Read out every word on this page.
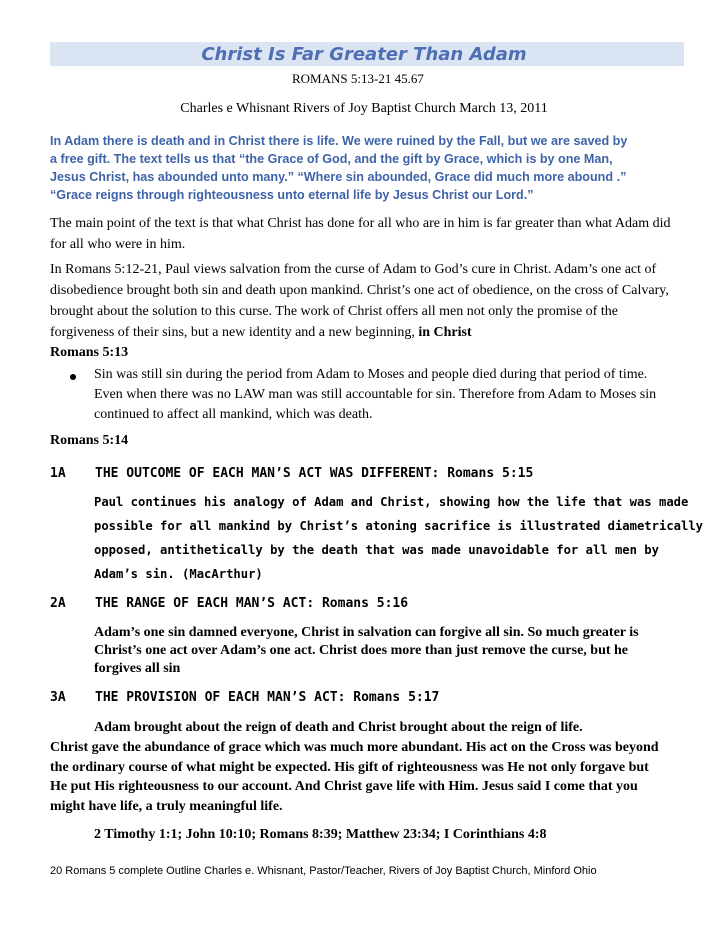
Christ Is Far Greater Than Adam
ROMANS 5:13-21 45.67
Charles e Whisnant Rivers of Joy Baptist Church March 13, 2011
In Adam there is death and in Christ there is life. We were ruined by the Fall, but we are saved by
a free gift. The text tells us that “the Grace of God, and the gift by Grace, which is by one Man,
Jesus Christ, has abounded unto many.” “Where sin abounded, Grace did much more abound .”
“Grace reigns through righteousness unto eternal life by Jesus Christ our Lord.”
The main point of the text is that what Christ has done for all who are in him is far greater than what Adam did
for all who were in him.
In Romans 5:12-21, Paul views salvation from the curse of Adam to God’s cure in Christ. Adam’s one act of
disobedience brought both sin and death upon mankind. Christ’s one act of obedience, on the cross of Calvary,
brought about the solution to this curse. The work of Christ offers all men not only the promise of the
forgiveness of their sins, but a new identity and a new beginning, in Christ
Romans 5:13
Sin was still sin during the period from Adam to Moses and people died during that period of time.
Even when there was no LAW man was still accountable for sin. Therefore from Adam to Moses sin
continued to affect all mankind, which was death.
Romans 5:14
1A THE OUTCOME OF EACH MAN’S ACT WAS DIFFERENT: Romans 5:15
Paul continues his analogy of Adam and Christ, showing how the life that was made
possible for all mankind by Christ’s atoning sacrifice is illustrated diametrically
opposed, antithetically by the death that was made unavoidable for all men by
Adam’s sin. (MacArthur)
2A THE RANGE OF EACH MAN’S ACT: Romans 5:16
Adam’s one sin damned everyone, Christ in salvation can forgive all sin. So much greater is
Christ’s one act over Adam’s one act. Christ does more than just remove the curse, but he
forgives all sin
3A THE PROVISION OF EACH MAN’S ACT: Romans 5:17
Adam brought about the reign of death and Christ brought about the reign of life.
Christ gave the abundance of grace which was much more abundant. His act on the Cross was beyond
the ordinary course of what might be expected. His gift of righteousness was He not only forgave but
He put His righteousness to our account. And Christ gave life with Him. Jesus said I come that you
might have life, a truly meaningful life.
2 Timothy 1:1; John 10:10; Romans 8:39; Matthew 23:34; I Corinthians 4:8
20 Romans 5 complete Outline Charles e. Whisnant, Pastor/Teacher, Rivers of Joy Baptist Church, Minford Ohio
